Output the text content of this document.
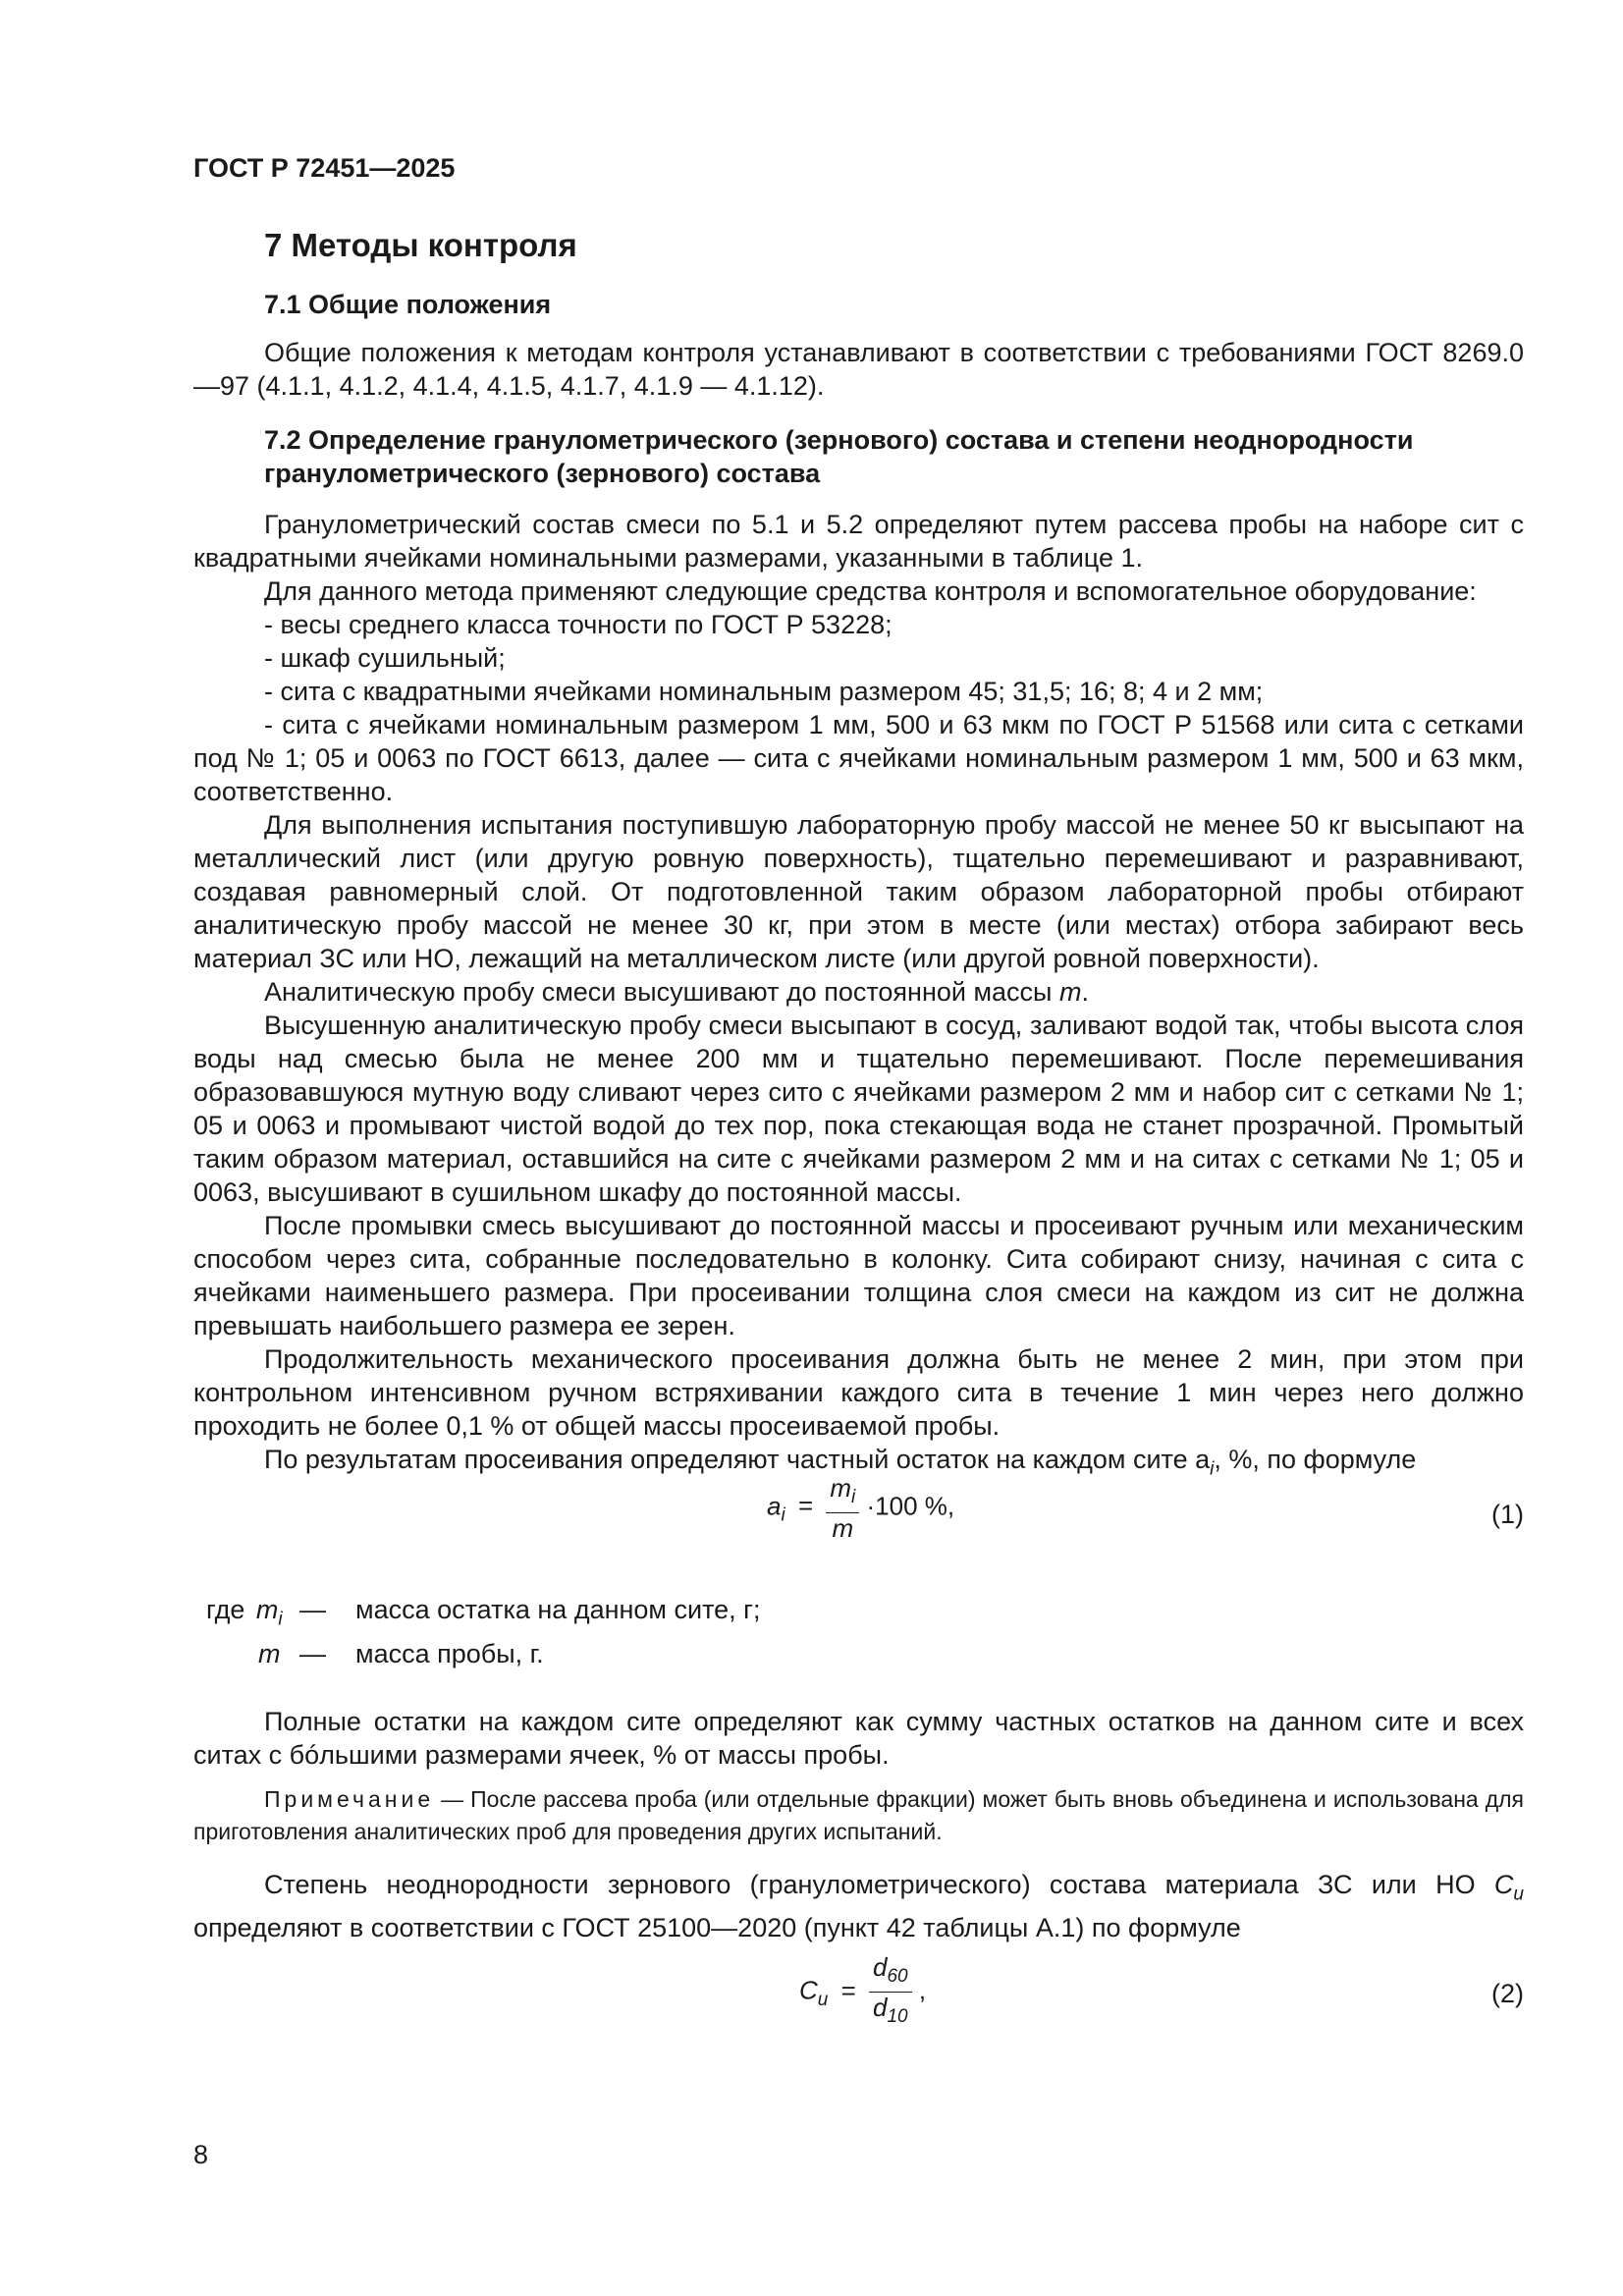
ГОСТ Р 72451—2025
7 Методы контроля
7.1 Общие положения

Общие положения к методам контроля устанавливают в соответствии с требованиями ГОСТ 8269.0—97 (4.1.1, 4.1.2, 4.1.4, 4.1.5, 4.1.7, 4.1.9 — 4.1.12).

7.2 Определение гранулометрического (зернового) состава и степени неоднородности гранулометрического (зернового) состава

Гранулометрический состав смеси по 5.1 и 5.2 определяют путем рассева пробы на наборе сит с квадратными ячейками номинальными размерами, указанными в таблице 1.

Для данного метода применяют следующие средства контроля и вспомогательное оборудование:

- весы среднего класса точности по ГОСТ Р 53228;

- шкаф сушильный;

- сита с квадратными ячейками номинальным размером 45; 31,5; 16; 8; 4 и 2 мм;

- сита с ячейками номинальным размером 1 мм, 500 и 63 мкм по ГОСТ Р 51568 или сита с сетками под № 1; 05 и 0063 по ГОСТ 6613, далее — сита с ячейками номинальным размером 1 мм, 500 и 63 мкм, соответственно.

Для выполнения испытания поступившую лабораторную пробу массой не менее 50 кг высыпают на металлический лист (или другую ровную поверхность), тщательно перемешивают и разравнивают, создавая равномерный слой. От подготовленной таким образом лабораторной пробы отбирают аналитическую пробу массой не менее 30 кг, при этом в месте (или местах) отбора забирают весь материал ЗС или НО, лежащий на металлическом листе (или другой ровной поверхности).

Аналитическую пробу смеси высушивают до постоянной массы m.

Высушенную аналитическую пробу смеси высыпают в сосуд, заливают водой так, чтобы высота слоя воды над смесью была не менее 200 мм и тщательно перемешивают. После перемешивания образовавшуюся мутную воду сливают через сито с ячейками размером 2 мм и набор сит с сетками № 1; 05 и 0063 и промывают чистой водой до тех пор, пока стекающая вода не станет прозрачной. Промытый таким образом материал, оставшийся на сите с ячейками размером 2 мм и на ситах с сетками № 1; 05 и 0063, высушивают в сушильном шкафу до постоянной массы.

После промывки смесь высушивают до постоянной массы и просеивают ручным или механическим способом через сита, собранные последовательно в колонку. Сита собирают снизу, начиная с сита с ячейками наименьшего размера. При просеивании толщина слоя смеси на каждом из сит не должна превышать наибольшего размера ее зерен.

Продолжительность механического просеивания должна быть не менее 2 мин, при этом при контрольном интенсивном ручном встряхивании каждого сита в течение 1 мин через него должно проходить не более 0,1 % от общей массы просеиваемой пробы.

По результатам просеивания определяют частный остаток на каждом сите $a_i$, %, по формуле

$a_i = \frac{m_i}{m} \cdot 100$ %,	(1)
где $m_i$ — масса остатка на данном сите, г;
m — масса пробы, г.

Полные остатки на каждом сите определяют как сумму частных остатков на данном сите и всех ситах с бóльшими размерами ячеек, % от массы пробы.

Примечание — После рассева проба (или отдельные фракции) может быть вновь объединена и использована для приготовления аналитических проб для проведения других испытаний.

Степень неоднородности зернового (гранулометрического) состава материала ЗС или НО $C_u$ определяют в соответствии с ГОСТ 25100—2020 (пункт 42 таблицы А.1) по формуле

$C_u = \frac{d_{60}}{d_{10}}$ ,	(2)
8
